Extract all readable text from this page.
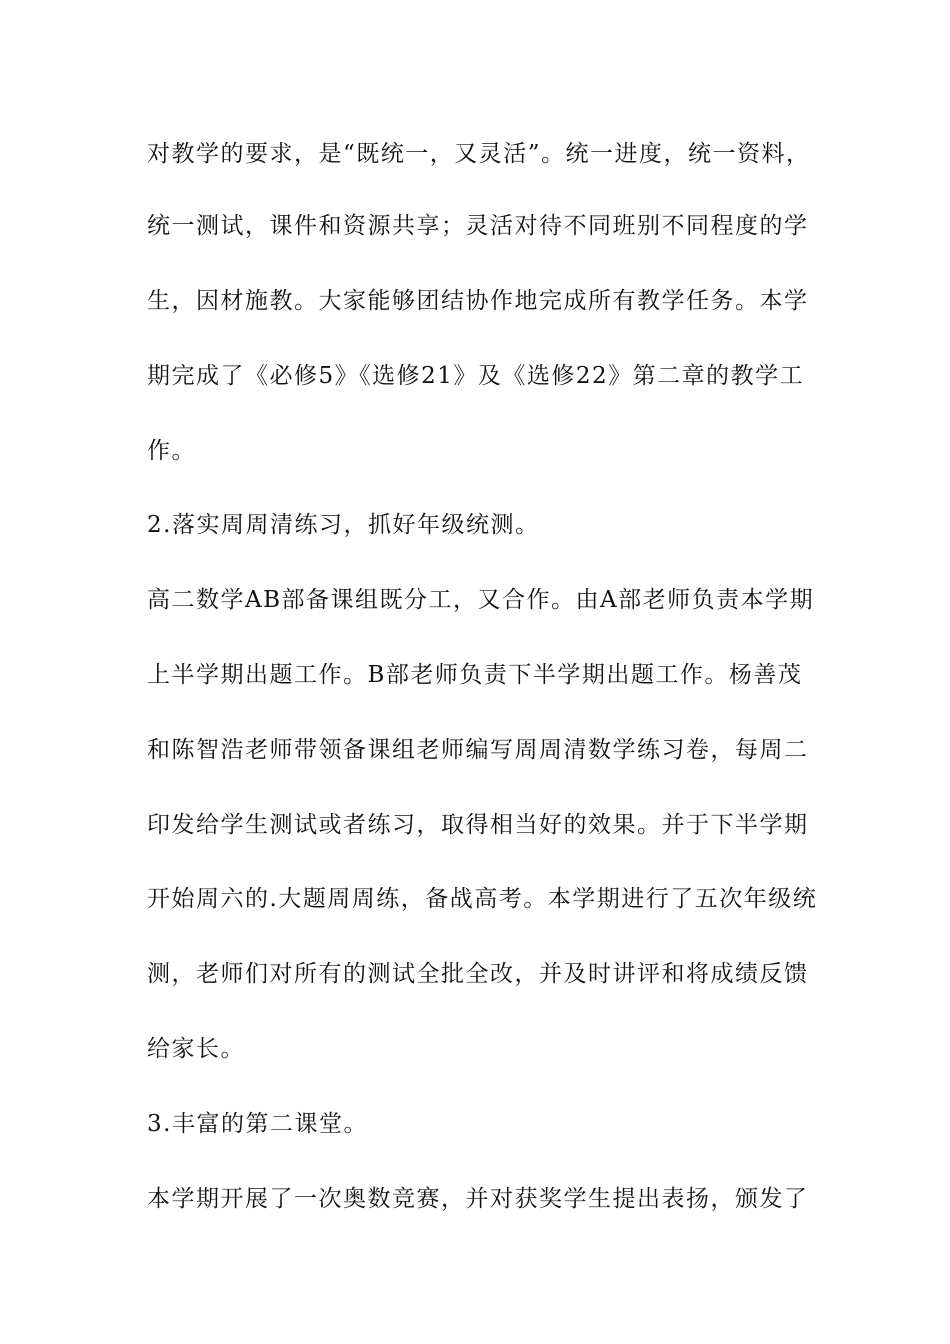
对教学的要求，是“既统一，又灵活”。统一进度，统一资料，
统一测试，课件和资源共享；灵活对待不同班别不同程度的学
生，因材施教。大家能够团结协作地完成所有教学任务。本学
期完成了《必修5》《选修21》及《选修22》第二章的教学工
作。
2.落实周周清练习，抓好年级统测。
高二数学AB部备课组既分工，又合作。由A部老师负责本学期
上半学期出题工作。B部老师负责下半学期出题工作。杨善茂
和陈智浩老师带领备课组老师编写周周清数学练习卷，每周二
印发给学生测试或者练习，取得相当好的效果。并于下半学期
开始周六的.大题周周练，备战高考。本学期进行了五次年级统
测，老师们对所有的测试全批全改，并及时讲评和将成绩反馈
给家长。
3.丰富的第二课堂。
本学期开展了一次奥数竞赛，并对获奖学生提出表扬，颁发了
